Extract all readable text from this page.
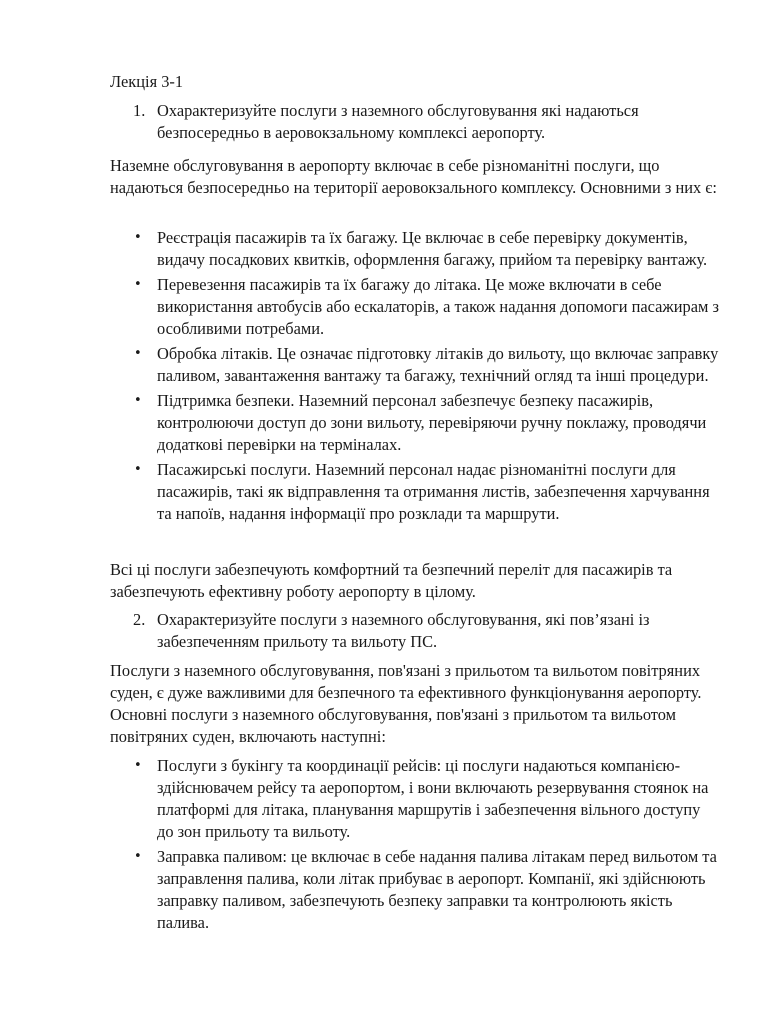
Лекція 3-1

1. Охарактеризуйте послуги з наземного обслуговування які надаються безпосередньо в аеровокзальному комплексі аеропорту.

Наземне обслуговування в аеропорту включає в себе різноманітні послуги, що надаються безпосередньо на території аеровокзального комплексу. Основними з них є:

• Реєстрація пасажирів та їх багажу. Це включає в себе перевірку документів, видачу посадкових квитків, оформлення багажу, прийом та перевірку вантажу.
• Перевезення пасажирів та їх багажу до літака. Це може включати в себе використання автобусів або ескалаторів, а також надання допомоги пасажирам з особливими потребами.
• Обробка літаків. Це означає підготовку літаків до вильоту, що включає заправку паливом, завантаження вантажу та багажу, технічний огляд та інші процедури.
• Підтримка безпеки. Наземний персонал забезпечує безпеку пасажирів, контролюючи доступ до зони вильоту, перевіряючи ручну поклажу, проводячи додаткові перевірки на терміналах.
• Пасажирські послуги. Наземний персонал надає різноманітні послуги для пасажирів, такі як відправлення та отримання листів, забезпечення харчування та напоїв, надання інформації про розклади та маршрути.

Всі ці послуги забезпечують комфортний та безпечний переліт для пасажирів та забезпечують ефективну роботу аеропорту в цілому.

2. Охарактеризуйте послуги з наземного обслуговування, які пов’язані із забезпеченням прильоту та вильоту ПС.

Послуги з наземного обслуговування, пов'язані з прильотом та вильотом повітряних суден, є дуже важливими для безпечного та ефективного функціонування аеропорту. Основні послуги з наземного обслуговування, пов'язані з прильотом та вильотом повітряних суден, включають наступні:

• Послуги з букінгу та координації рейсів: ці послуги надаються компанією-здійснювачем рейсу та аеропортом, і вони включають резервування стоянок на платформі для літака, планування маршрутів і забезпечення вільного доступу до зон прильоту та вильоту.
• Заправка паливом: це включає в себе надання палива літакам перед вильотом та заправлення палива, коли літак прибуває в аеропорт. Компанії, які здійснюють заправку паливом, забезпечують безпеку заправки та контролюють якість палива.
